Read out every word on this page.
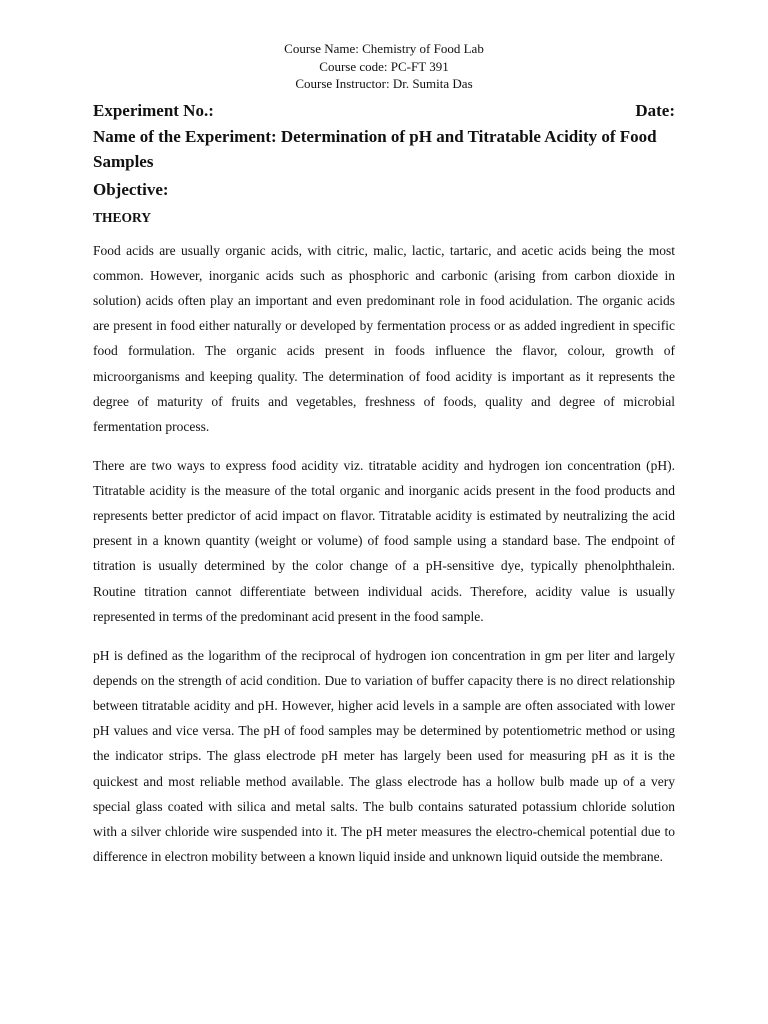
Course Name: Chemistry of Food Lab
Course code: PC-FT 391
Course Instructor: Dr. Sumita Das
Experiment No.:	Date:
Name of the Experiment: Determination of pH and Titratable Acidity of Food Samples
Objective:
THEORY

Food acids are usually organic acids, with citric, malic, lactic, tartaric, and acetic acids being the most common. However, inorganic acids such as phosphoric and carbonic (arising from carbon dioxide in solution) acids often play an important and even predominant role in food acidulation. The organic acids are present in food either naturally or developed by fermentation process or as added ingredient in specific food formulation. The organic acids present in foods influence the flavor, colour, growth of microorganisms and keeping quality. The determination of food acidity is important as it represents the degree of maturity of fruits and vegetables, freshness of foods, quality and degree of microbial fermentation process.

There are two ways to express food acidity viz. titratable acidity and hydrogen ion concentration (pH). Titratable acidity is the measure of the total organic and inorganic acids present in the food products and represents better predictor of acid impact on flavor. Titratable acidity is estimated by neutralizing the acid present in a known quantity (weight or volume) of food sample using a standard base. The endpoint of titration is usually determined by the color change of a pH-sensitive dye, typically phenolphthalein. Routine titration cannot differentiate between individual acids. Therefore, acidity value is usually represented in terms of the predominant acid present in the food sample.

pH is defined as the logarithm of the reciprocal of hydrogen ion concentration in gm per liter and largely depends on the strength of acid condition. Due to variation of buffer capacity there is no direct relationship between titratable acidity and pH. However, higher acid levels in a sample are often associated with lower pH values and vice versa. The pH of food samples may be determined by potentiometric method or using the indicator strips. The glass electrode pH meter has largely been used for measuring pH as it is the quickest and most reliable method available. The glass electrode has a hollow bulb made up of a very special glass coated with silica and metal salts. The bulb contains saturated potassium chloride solution with a silver chloride wire suspended into it. The pH meter measures the electro-chemical potential due to difference in electron mobility between a known liquid inside and unknown liquid outside the membrane.
